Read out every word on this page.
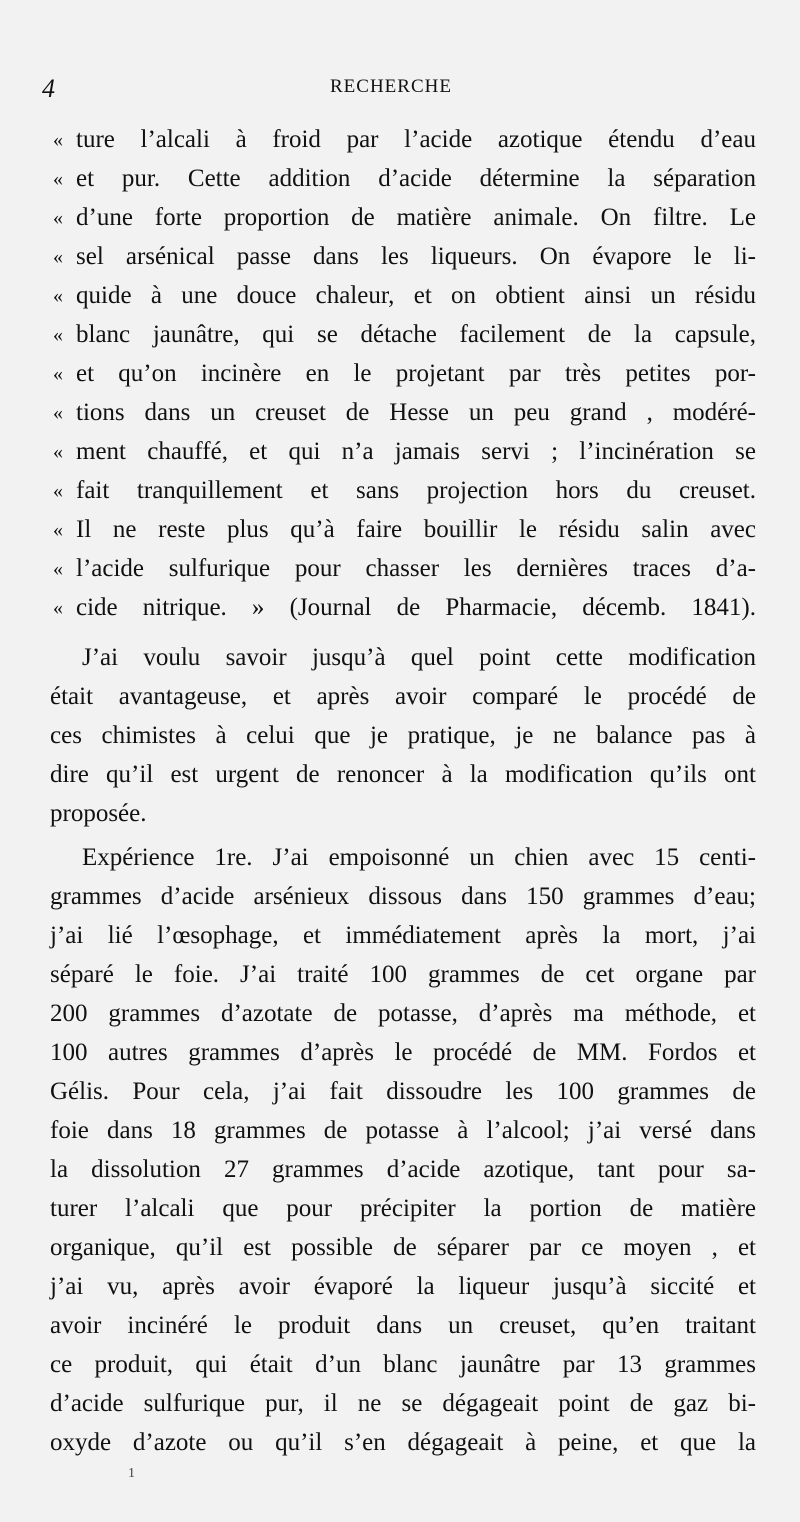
4	RECHERCHE
« ture l’alcali à froid par l’acide azotique étendu d’eau
« et pur. Cette addition d’acide détermine la séparation
« d’une forte proportion de matière animale. On filtre. Le
« sel arsénical passe dans les liqueurs. On évapore le li-
« quide à une douce chaleur, et on obtient ainsi un résidu
« blanc jaunâtre, qui se détache facilement de la capsule,
« et qu’on incinère en le projetant par très petites por-
« tions dans un creuset de Hesse un peu grand , modéré-
« ment chauffé, et qui n’a jamais servi ; l’incinération se
« fait tranquillement et sans projection hors du creuset.
« Il ne reste plus qu’à faire bouillir le résidu salin avec
« l’acide sulfurique pour chasser les dernières traces d’a-
« cide nitrique. » (Journal de Pharmacie, décemb. 1841).
J’ai voulu savoir jusqu’à quel point cette modification
était avantageuse, et après avoir comparé le procédé de
ces chimistes à celui que je pratique, je ne balance pas à
dire qu’il est urgent de renoncer à la modification qu’ils ont
proposée.
Expérience 1re. J’ai empoisonné un chien avec 15 centi-
grammes d’acide arsénieux dissous dans 150 grammes d’eau;
j’ai lié l’œsophage, et immédiatement après la mort, j’ai
séparé le foie. J’ai traité 100 grammes de cet organe par
200 grammes d’azotate de potasse, d’après ma méthode, et
100 autres grammes d’après le procédé de MM. Fordos et
Gélis. Pour cela, j’ai fait dissoudre les 100 grammes de
foie dans 18 grammes de potasse à l’alcool; j’ai versé dans
la dissolution 27 grammes d’acide azotique, tant pour sa-
turer l’alcali que pour précipiter la portion de matière
organique, qu’il est possible de séparer par ce moyen , et
j’ai vu, après avoir évaporé la liqueur jusqu’à siccité et
avoir incinéré le produit dans un creuset, qu’en traitant
ce produit, qui était d’un blanc jaunâtre par 13 grammes
d’acide sulfurique pur, il ne se dégageait point de gaz bi-
oxyde d’azote ou qu’il s’en dégageait à peine, et que la
1
